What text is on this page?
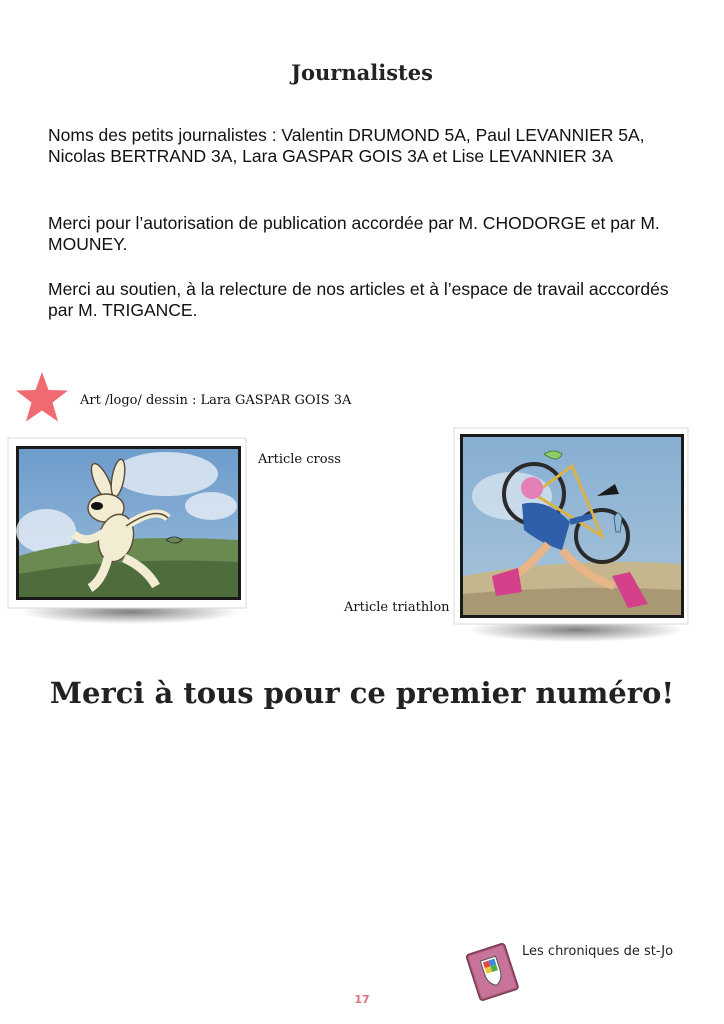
Journalistes

Noms des petits journalistes : Valentin DRUMOND 5A, Paul LEVANNIER 5A, Nicolas BERTRAND 3A, Lara GASPAR GOIS 3A et Lise LEVANNIER 3A

Merci pour l’autorisation de publication accordée par M. CHODORGE et par M. MOUNEY.

Merci au soutien, à la relecture de nos articles et à l’espace de travail acccordés par M. TRIGANCE.

Art /logo/ dessin : Lara GASPAR GOIS 3A
Article cross
Article triathlon
Merci à tous pour ce premier numéro!
Les chroniques de st-Jo
17
